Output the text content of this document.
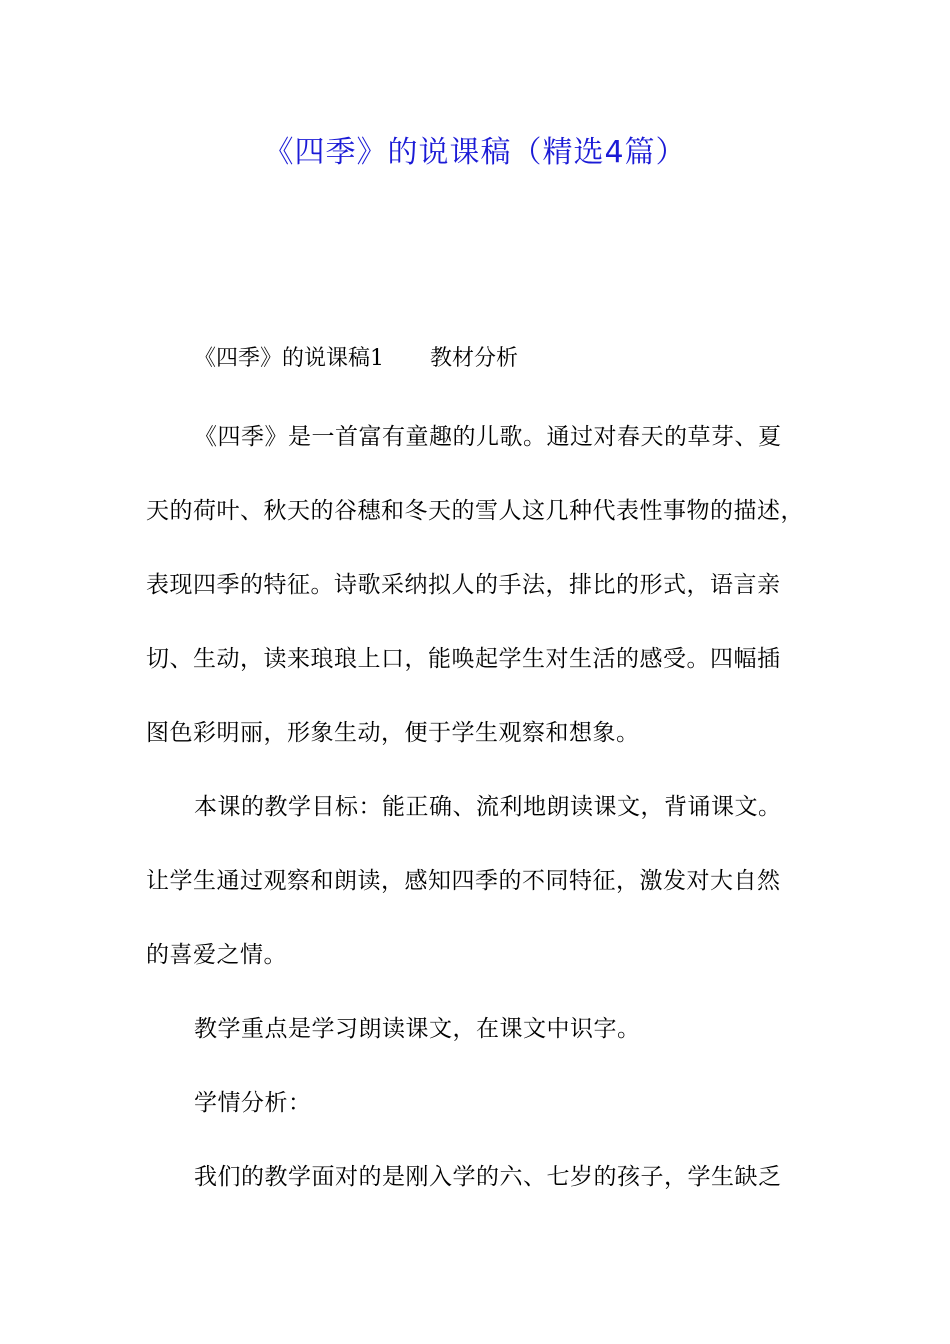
《四季》的说课稿（精选4篇）
《四季》的说课稿1 教材分析
《四季》是一首富有童趣的儿歌。通过对春天的草芽、夏
天的荷叶、秋天的谷穗和冬天的雪人这几种代表性事物的描述，
表现四季的特征。诗歌采纳拟人的手法，排比的形式，语言亲
切、生动，读来琅琅上口，能唤起学生对生活的感受。四幅插
图色彩明丽，形象生动，便于学生观察和想象。
本课的教学目标：能正确、流利地朗读课文，背诵课文。
让学生通过观察和朗读，感知四季的不同特征，激发对大自然
的喜爱之情。
教学重点是学习朗读课文，在课文中识字。
学情分析：
我们的教学面对的是刚入学的六、七岁的孩子，学生缺乏
